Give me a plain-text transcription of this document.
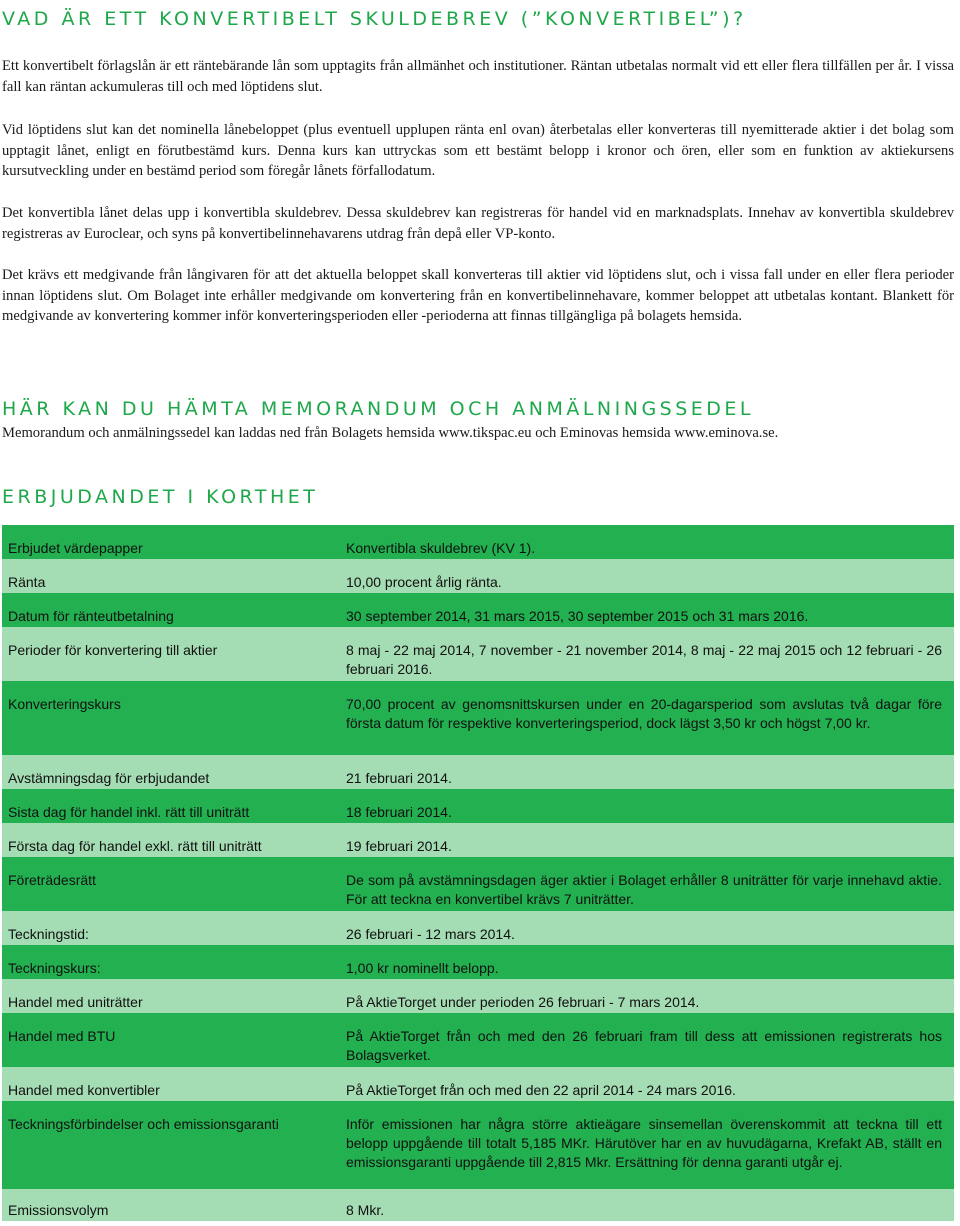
VAD ÄR ETT KONVERTIBELT SKULDEBREV (”KONVERTIBEL”)?

Ett konvertibelt förlagslån är ett räntebärande lån som upptagits från allmänhet och institutioner. Räntan utbetalas normalt vid ett eller flera tillfällen per år. I vissa fall kan räntan ackumuleras till och med löptidens slut.

Vid löptidens slut kan det nominella lånebeloppet (plus eventuell upplupen ränta enl ovan) återbetalas eller konverteras till nyemitterade aktier i det bolag som upptagit lånet, enligt en förutbestämd kurs. Denna kurs kan uttryckas som ett bestämt belopp i kronor och ören, eller som en funktion av aktiekursens kursutveckling under en bestämd period som föregår lånets förfallodatum.

Det konvertibla lånet delas upp i konvertibla skuldebrev. Dessa skuldebrev kan registreras för handel vid en marknadsplats. Innehav av konvertibla skuldebrev registreras av Euroclear, och syns på konvertibelinnehavarens utdrag från depå eller VP-konto.

Det krävs ett medgivande från långivaren för att det aktuella beloppet skall konverteras till aktier vid löptidens slut, och i vissa fall under en eller flera perioder innan löptidens slut. Om Bolaget inte erhåller medgivande om konvertering från en konvertibelinnehavare, kommer beloppet att utbetalas kontant. Blankett för medgivande av konvertering kommer inför konverteringsperioden eller -perioderna att finnas tillgängliga på bolagets hemsida.

HÄR KAN DU HÄMTA MEMORANDUM OCH ANMÄLNINGSSEDEL

Memorandum och anmälningssedel kan laddas ned från Bolagets hemsida www.tikspac.eu och Eminovas hemsida www.eminova.se.

ERBJUDANDET I KORTHET
Erbjudet värdepapper	Konvertibla skuldebrev (KV 1).
Ränta	10,00 procent årlig ränta.
Datum för ränteutbetalning	30 september 2014, 31 mars 2015, 30 september 2015 och 31 mars 2016.
Perioder för konvertering till aktier	8 maj - 22 maj 2014, 7 november - 21 november 2014, 8 maj - 22 maj 2015 och 12 februari - 26 februari 2016.
Konverteringskurs	70,00 procent av genomsnittskursen under en 20-dagarsperiod som avslutas två dagar före första datum för respektive konverteringsperiod, dock lägst 3,50 kr och högst 7,00 kr.
Avstämningsdag för erbjudandet	21 februari 2014.
Sista dag för handel inkl. rätt till uniträtt	18 februari 2014.
Första dag för handel exkl. rätt till uniträtt	19 februari 2014.
Företrädesrätt	De som på avstämningsdagen äger aktier i Bolaget erhåller 8 uniträtter för varje innehavd aktie. För att teckna en konvertibel krävs 7 uniträtter.
Teckningstid:	26 februari - 12 mars 2014.
Teckningskurs:	1,00 kr nominellt belopp.
Handel med uniträtter	På AktieTorget under perioden 26 februari - 7 mars 2014.
Handel med BTU	På AktieTorget från och med den 26 februari fram till dess att emissionen registrerats hos Bolagsverket.
Handel med konvertibler	På AktieTorget från och med den 22 april 2014 - 24 mars 2016.
Teckningsförbindelser och emissionsgaranti	Inför emissionen har några större aktieägare sinsemellan överenskommit att teckna till ett belopp uppgående till totalt 5,185 MKr. Härutöver har en av huvudägarna, Krefakt AB, ställt en emissionsgaranti uppgående till 2,815 Mkr. Ersättning för denna garanti utgår ej.
Emissionsvolym	8 Mkr.
